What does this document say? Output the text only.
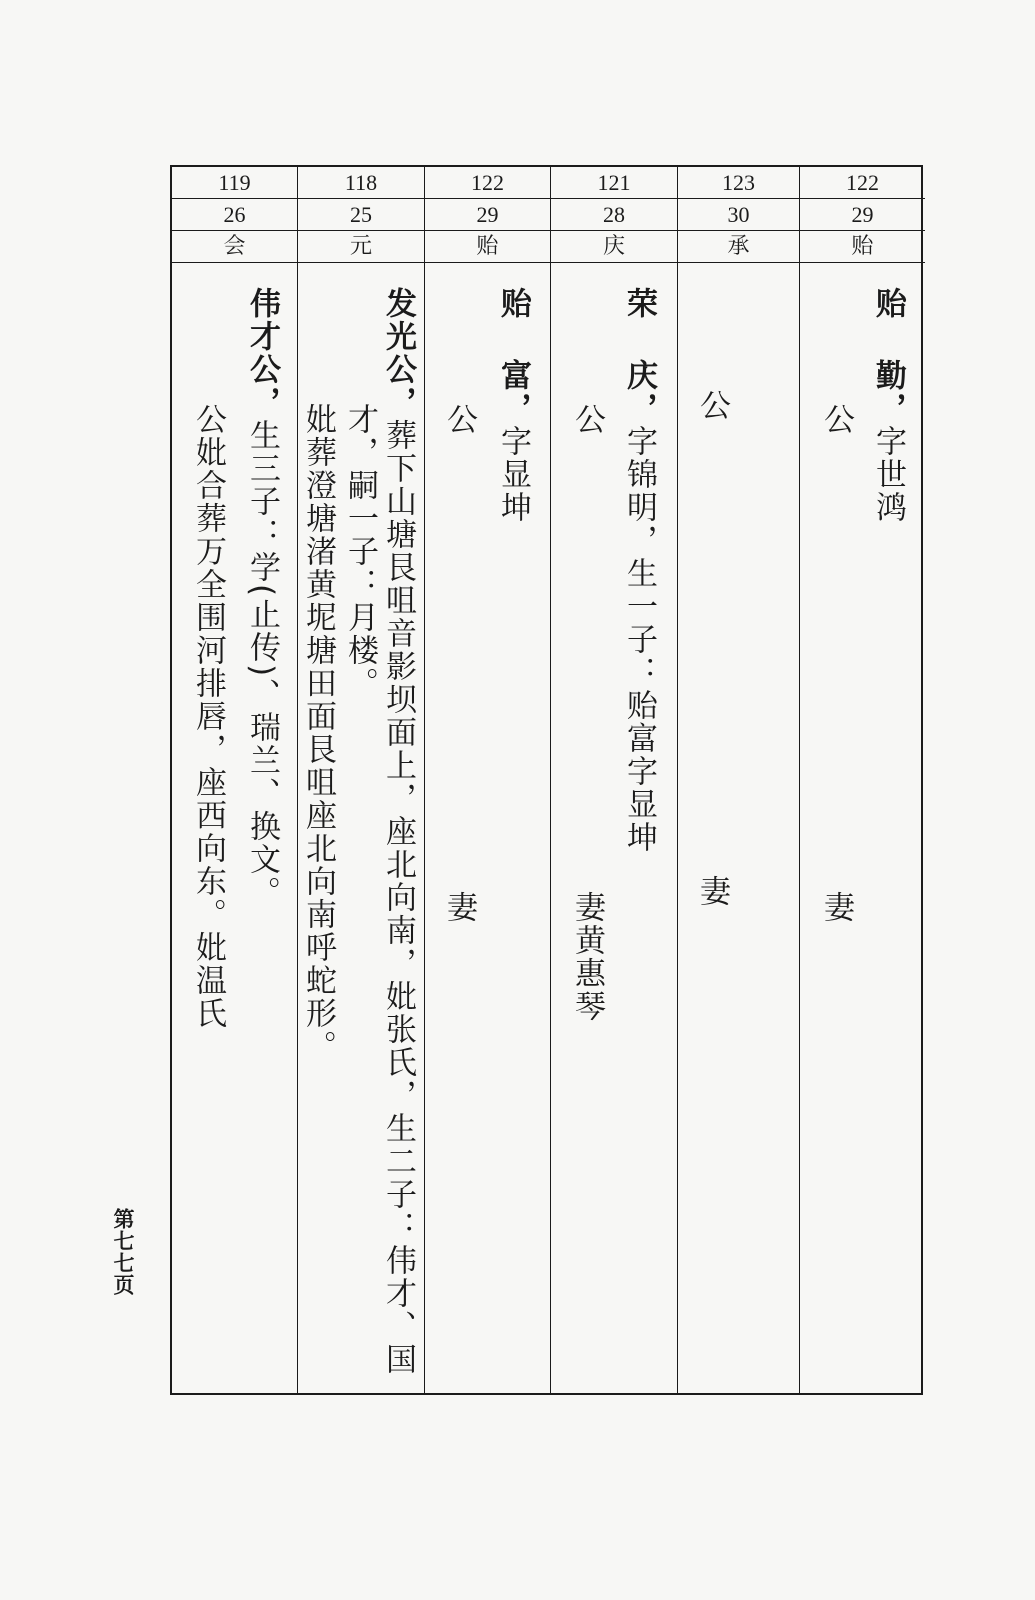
119
26
会
伟才公，生三子：学(止传)、瑞兰、换文。
公妣合葬万全围河排唇，座西向东。妣温氏
118
25
元
发光公，葬下山塘艮咀音影坝面上，座北向南，妣张氏，生二子：伟才、国
才，嗣一子：月楼。
妣葬澄塘渚黄坭塘田面艮咀座北向南呼蛇形。
122
29
贻
贻
富，字显坤
公
妻
121
28
庆
荣
庆，字锦明，生一子：贻富字显坤
公
妻黄惠琴
123
30
承
公
妻
122
29
贻
贻
勤，字世鸿
公
妻
第七七页
